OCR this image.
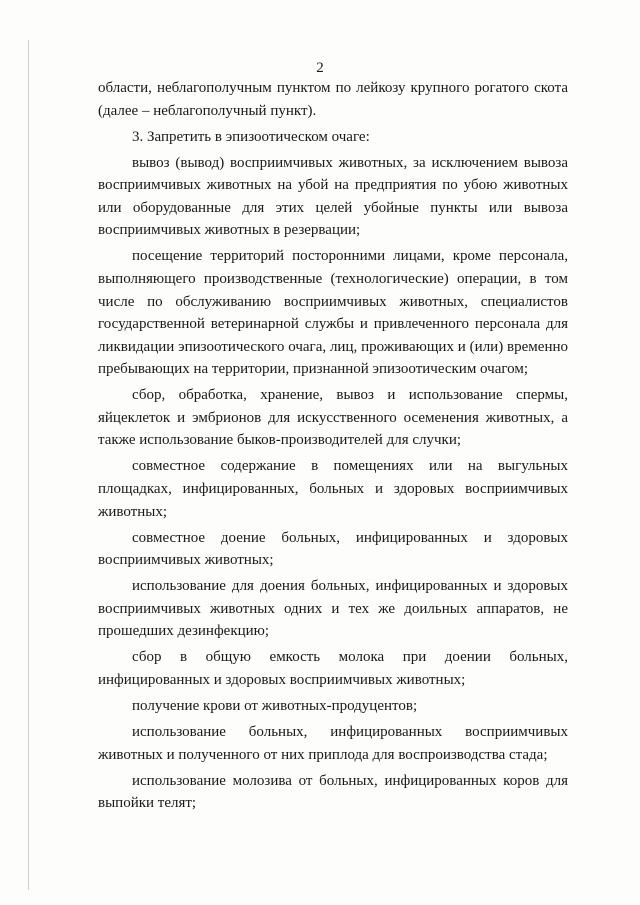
2

области, неблагополучным пунктом по лейкозу крупного рогатого скота (далее – неблагополучный пункт).

3. Запретить в эпизоотическом очаге:

вывоз (вывод) восприимчивых животных, за исключением вывоза восприимчивых животных на убой на предприятия по убою животных или оборудованные для этих целей убойные пункты или вывоза восприимчивых животных в резервации;

посещение территорий посторонними лицами, кроме персонала, выполняющего производственные (технологические) операции, в том числе по обслуживанию восприимчивых животных, специалистов государственной ветеринарной службы и привлеченного персонала для ликвидации эпизоотического очага, лиц, проживающих и (или) временно пребывающих на территории, признанной эпизоотическим очагом;

сбор, обработка, хранение, вывоз и использование спермы, яйцеклеток и эмбрионов для искусственного осеменения животных, а также использование быков-производителей для случки;

совместное содержание в помещениях или на выгульных площадках, инфицированных, больных и здоровых восприимчивых животных;

совместное доение больных, инфицированных и здоровых восприимчивых животных;

использование для доения больных, инфицированных и здоровых восприимчивых животных одних и тех же доильных аппаратов, не прошедших дезинфекцию;

сбор в общую емкость молока при доении больных, инфицированных и здоровых восприимчивых животных;

получение крови от животных-продуцентов;

использование больных, инфицированных восприимчивых животных и полученного от них приплода для воспроизводства стада;

использование молозива от больных, инфицированных коров для выпойки телят;
